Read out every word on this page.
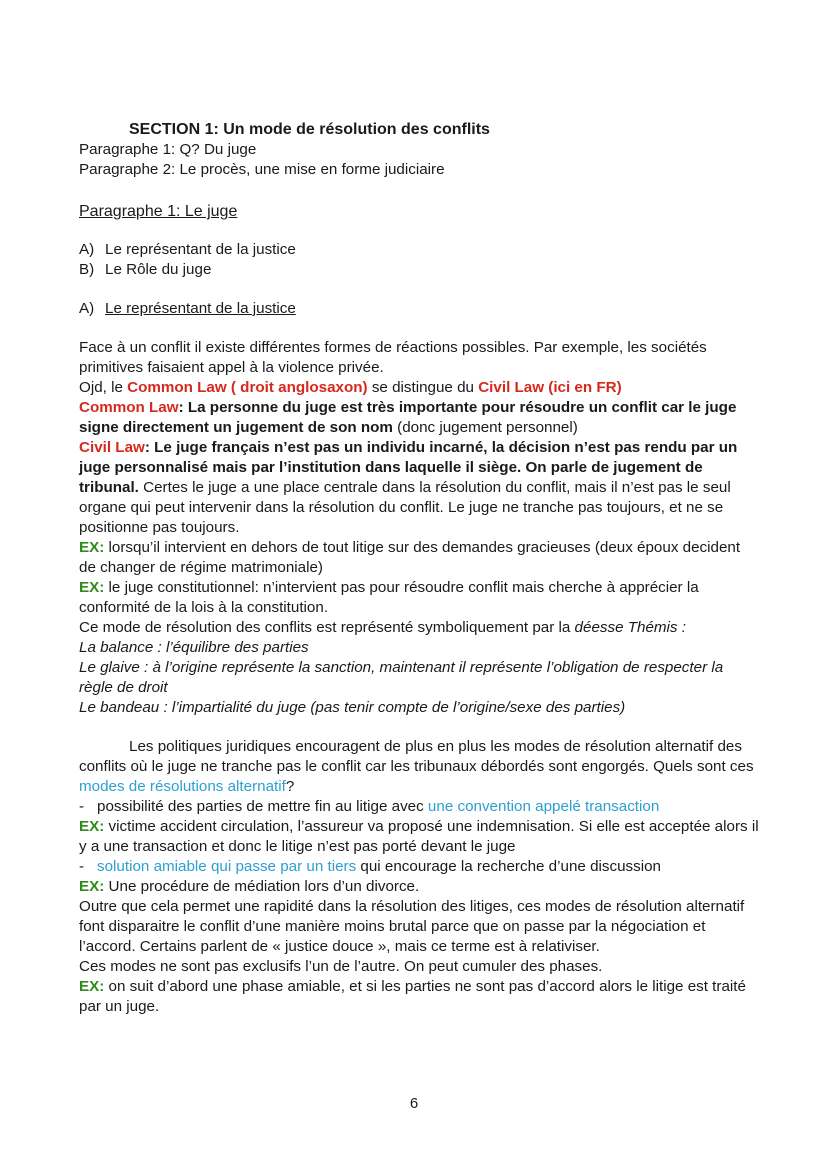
SECTION 1: Un mode de résolution des conflits

Paragraphe 1: Q? Du juge

Paragraphe 2: Le procès, une mise en forme judiciaire

Paragraphe 1: Le juge
A) Le représentant de la justice
B) Le Rôle du juge
A) Le représentant de la justice

Face à un conflit il existe différentes formes de réactions possibles. Par exemple, les sociétés primitives faisaient appel à la violence privée.

Ojd, le Common Law ( droit anglosaxon) se distingue du Civil Law (ici en FR)

Common Law: La personne du juge est très importante pour résoudre un conflit car le juge signe directement un jugement de son nom (donc jugement personnel)

Civil Law: Le juge français n’est pas un individu incarné, la décision n’est pas rendu par un juge personnalisé mais par l’institution dans laquelle il siège. On parle de jugement de tribunal. Certes le juge a une place centrale dans la résolution du conflit, mais il n’est pas le seul organe qui peut intervenir dans la résolution du conflit. Le juge ne tranche pas toujours, et ne se positionne pas toujours.

EX: lorsqu’il intervient en dehors de tout litige sur des demandes gracieuses (deux époux decident de changer de régime matrimoniale)

EX: le juge constitutionnel: n’intervient pas pour résoudre conflit mais cherche à apprécier la conformité de la lois à la constitution.

Ce mode de résolution des conflits est représenté symboliquement par la déesse Thémis :

La balance : l’équilibre des parties

Le glaive : à l’origine représente la sanction, maintenant il représente l’obligation de respecter la règle de droit

Le bandeau : l’impartialité du juge (pas tenir compte de l’origine/sexe des parties)

Les politiques juridiques encouragent de plus en plus les modes de résolution alternatif des conflits où le juge ne tranche pas le conflit car les tribunaux débordés sont engorgés. Quels sont ces modes de résolutions alternatif?

- possibilité des parties de mettre fin au litige avec une convention appelé transaction

EX: victime accident circulation, l’assureur va proposé une indemnisation. Si elle est acceptée alors il y a une transaction et donc le litige n’est pas porté devant le juge

- solution amiable qui passe par un tiers qui encourage la recherche d’une discussion

EX: Une procédure de médiation lors d’un divorce.

Outre que cela permet une rapidité dans la résolution des litiges, ces modes de résolution alternatif font disparaitre le conflit d’une manière moins brutal parce que on passe par la négociation et l’accord. Certains parlent de « justice douce », mais ce terme est à relativiser.

Ces modes ne sont pas exclusifs l’un de l’autre. On peut cumuler des phases.

EX: on suit d’abord une phase amiable, et si les parties ne sont pas d’accord alors le litige est traité par un juge.

6
